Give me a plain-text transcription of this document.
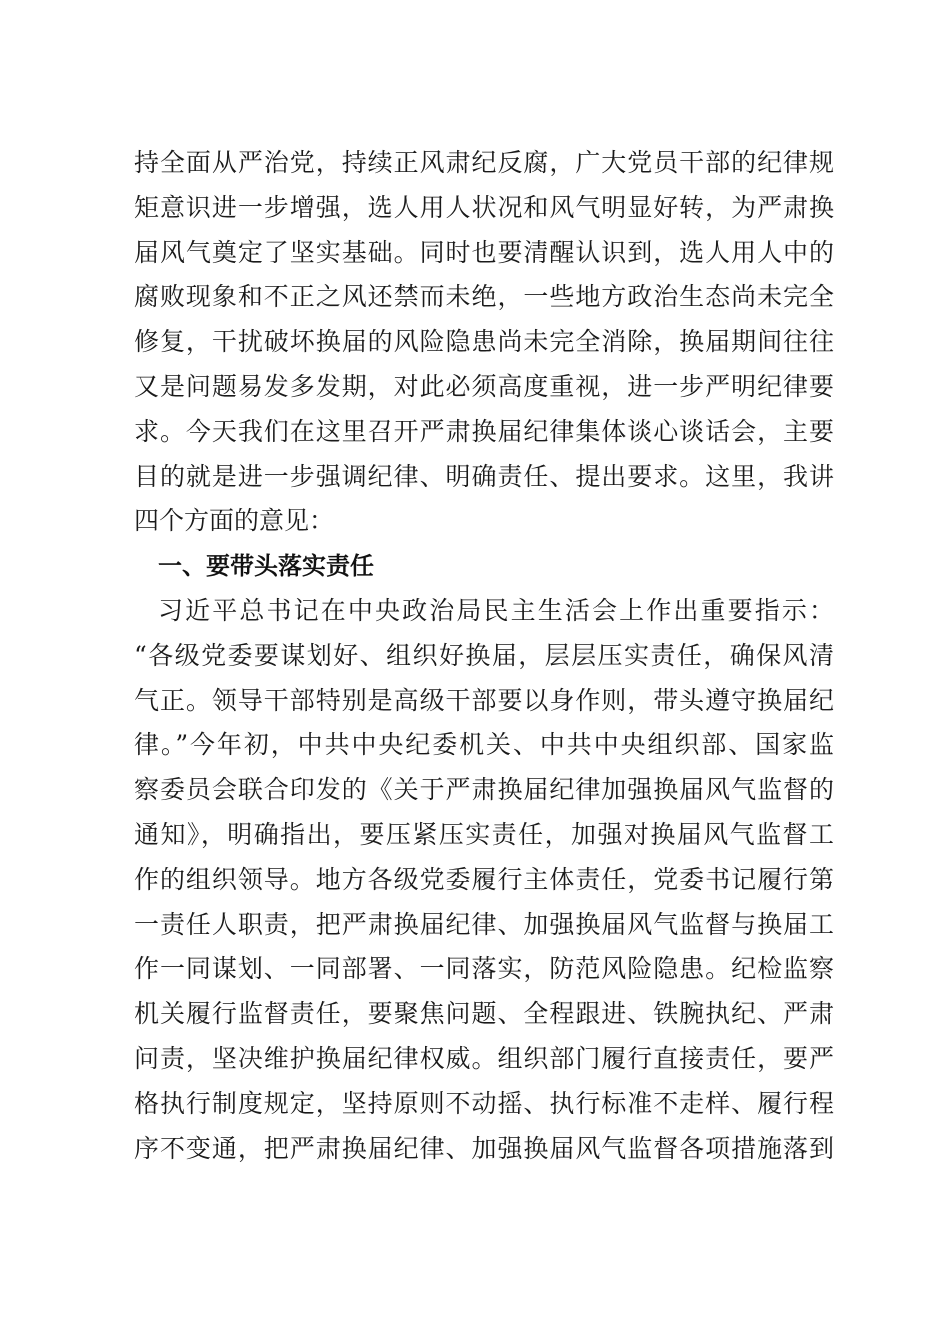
持全面从严治党，持续正风肃纪反腐，广大党员干部的纪律规
矩意识进一步增强，选人用人状况和风气明显好转，为严肃换
届风气奠定了坚实基础。同时也要清醒认识到，选人用人中的
腐败现象和不正之风还禁而未绝，一些地方政治生态尚未完全
修复，干扰破坏换届的风险隐患尚未完全消除，换届期间往往
又是问题易发多发期，对此必须高度重视，进一步严明纪律要
求。今天我们在这里召开严肃换届纪律集体谈心谈话会，主要
目的就是进一步强调纪律、明确责任、提出要求。这里，我讲
四个方面的意见：
一、要带头落实责任
习近平总书记在中央政治局民主生活会上作出重要指示：
“各级党委要谋划好、组织好换届，层层压实责任，确保风清
气正。领导干部特别是高级干部要以身作则，带头遵守换届纪
律。”今年初，中共中央纪委机关、中共中央组织部、国家监
察委员会联合印发的《关于严肃换届纪律加强换届风气监督的
通知》，明确指出，要压紧压实责任，加强对换届风气监督工
作的组织领导。地方各级党委履行主体责任，党委书记履行第
一责任人职责，把严肃换届纪律、加强换届风气监督与换届工
作一同谋划、一同部署、一同落实，防范风险隐患。纪检监察
机关履行监督责任，要聚焦问题、全程跟进、铁腕执纪、严肃
问责，坚决维护换届纪律权威。组织部门履行直接责任，要严
格执行制度规定，坚持原则不动摇、执行标准不走样、履行程
序不变通，把严肃换届纪律、加强换届风气监督各项措施落到
